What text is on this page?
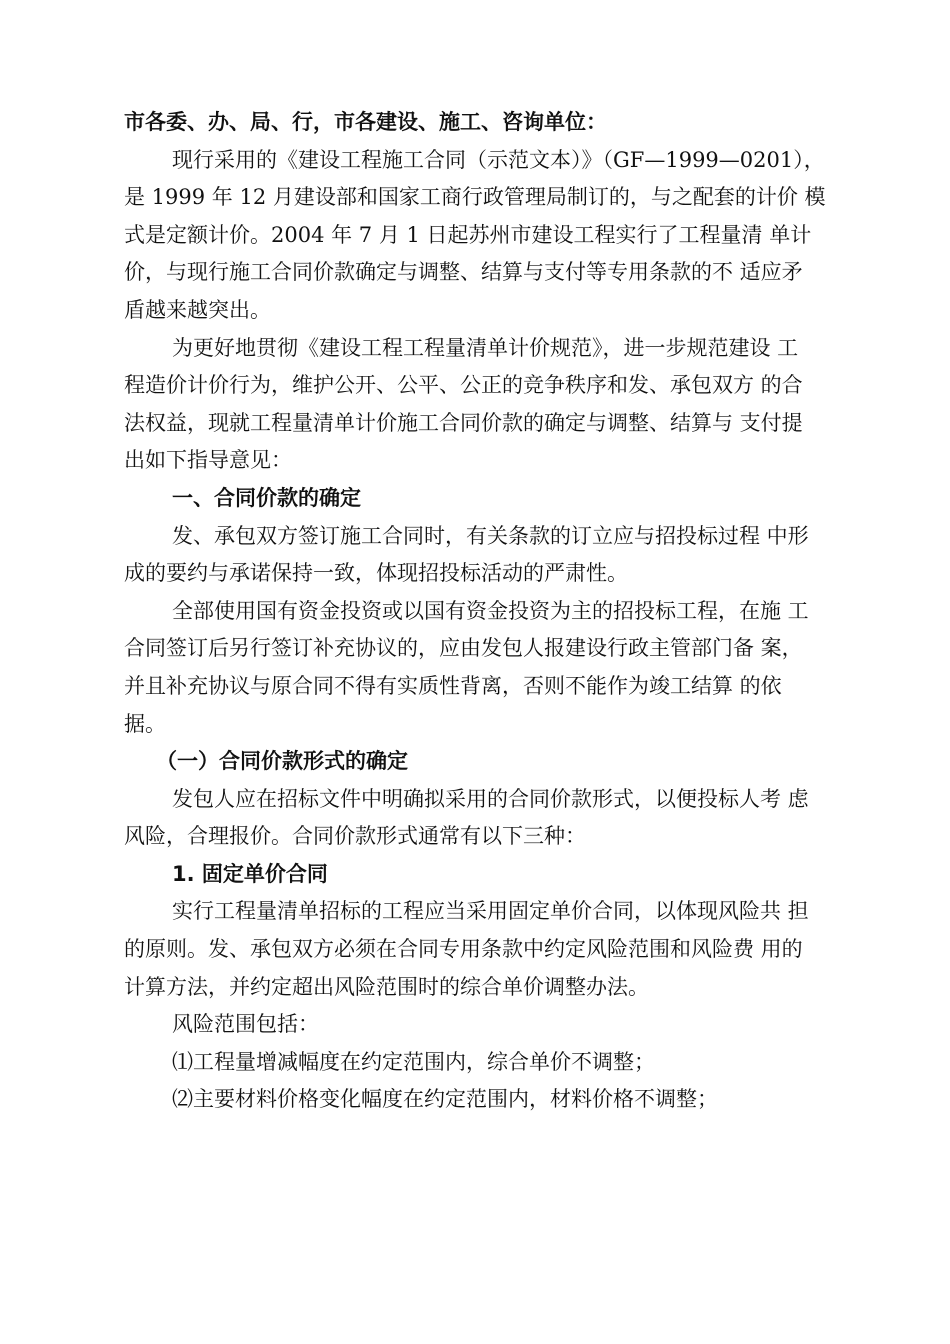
市各委、办、局、行，市各建设、施工、咨询单位：
现行采用的《建设工程施工合同（示范文本）》（GF—1999—0201），
是 1999 年 12 月建设部和国家工商行政管理局制订的，与之配套的计价 模
式是定额计价。2004 年 7 月 1 日起苏州市建设工程实行了工程量清 单计
价，与现行施工合同价款确定与调整、结算与支付等专用条款的不 适应矛
盾越来越突出。
为更好地贯彻《建设工程工程量清单计价规范》，进一步规范建设 工
程造价计价行为，维护公开、公平、公正的竞争秩序和发、承包双方 的合
法权益，现就工程量清单计价施工合同价款的确定与调整、结算与 支付提
出如下指导意见：
一、合同价款的确定
发、承包双方签订施工合同时，有关条款的订立应与招投标过程 中形
成的要约与承诺保持一致，体现招投标活动的严肃性。
全部使用国有资金投资或以国有资金投资为主的招投标工程，在施 工
合同签订后另行签订补充协议的，应由发包人报建设行政主管部门备 案，
并且补充协议与原合同不得有实质性背离，否则不能作为竣工结算 的依
据。
（一）合同价款形式的确定
发包人应在招标文件中明确拟采用的合同价款形式，以便投标人考 虑
风险，合理报价。合同价款形式通常有以下三种：
1. 固定单价合同
实行工程量清单招标的工程应当采用固定单价合同，以体现风险共 担
的原则。发、承包双方必须在合同专用条款中约定风险范围和风险费 用的
计算方法，并约定超出风险范围时的综合单价调整办法。
风险范围包括：
⑴工程量增减幅度在约定范围内，综合单价不调整；
⑵主要材料价格变化幅度在约定范围内，材料价格不调整；
